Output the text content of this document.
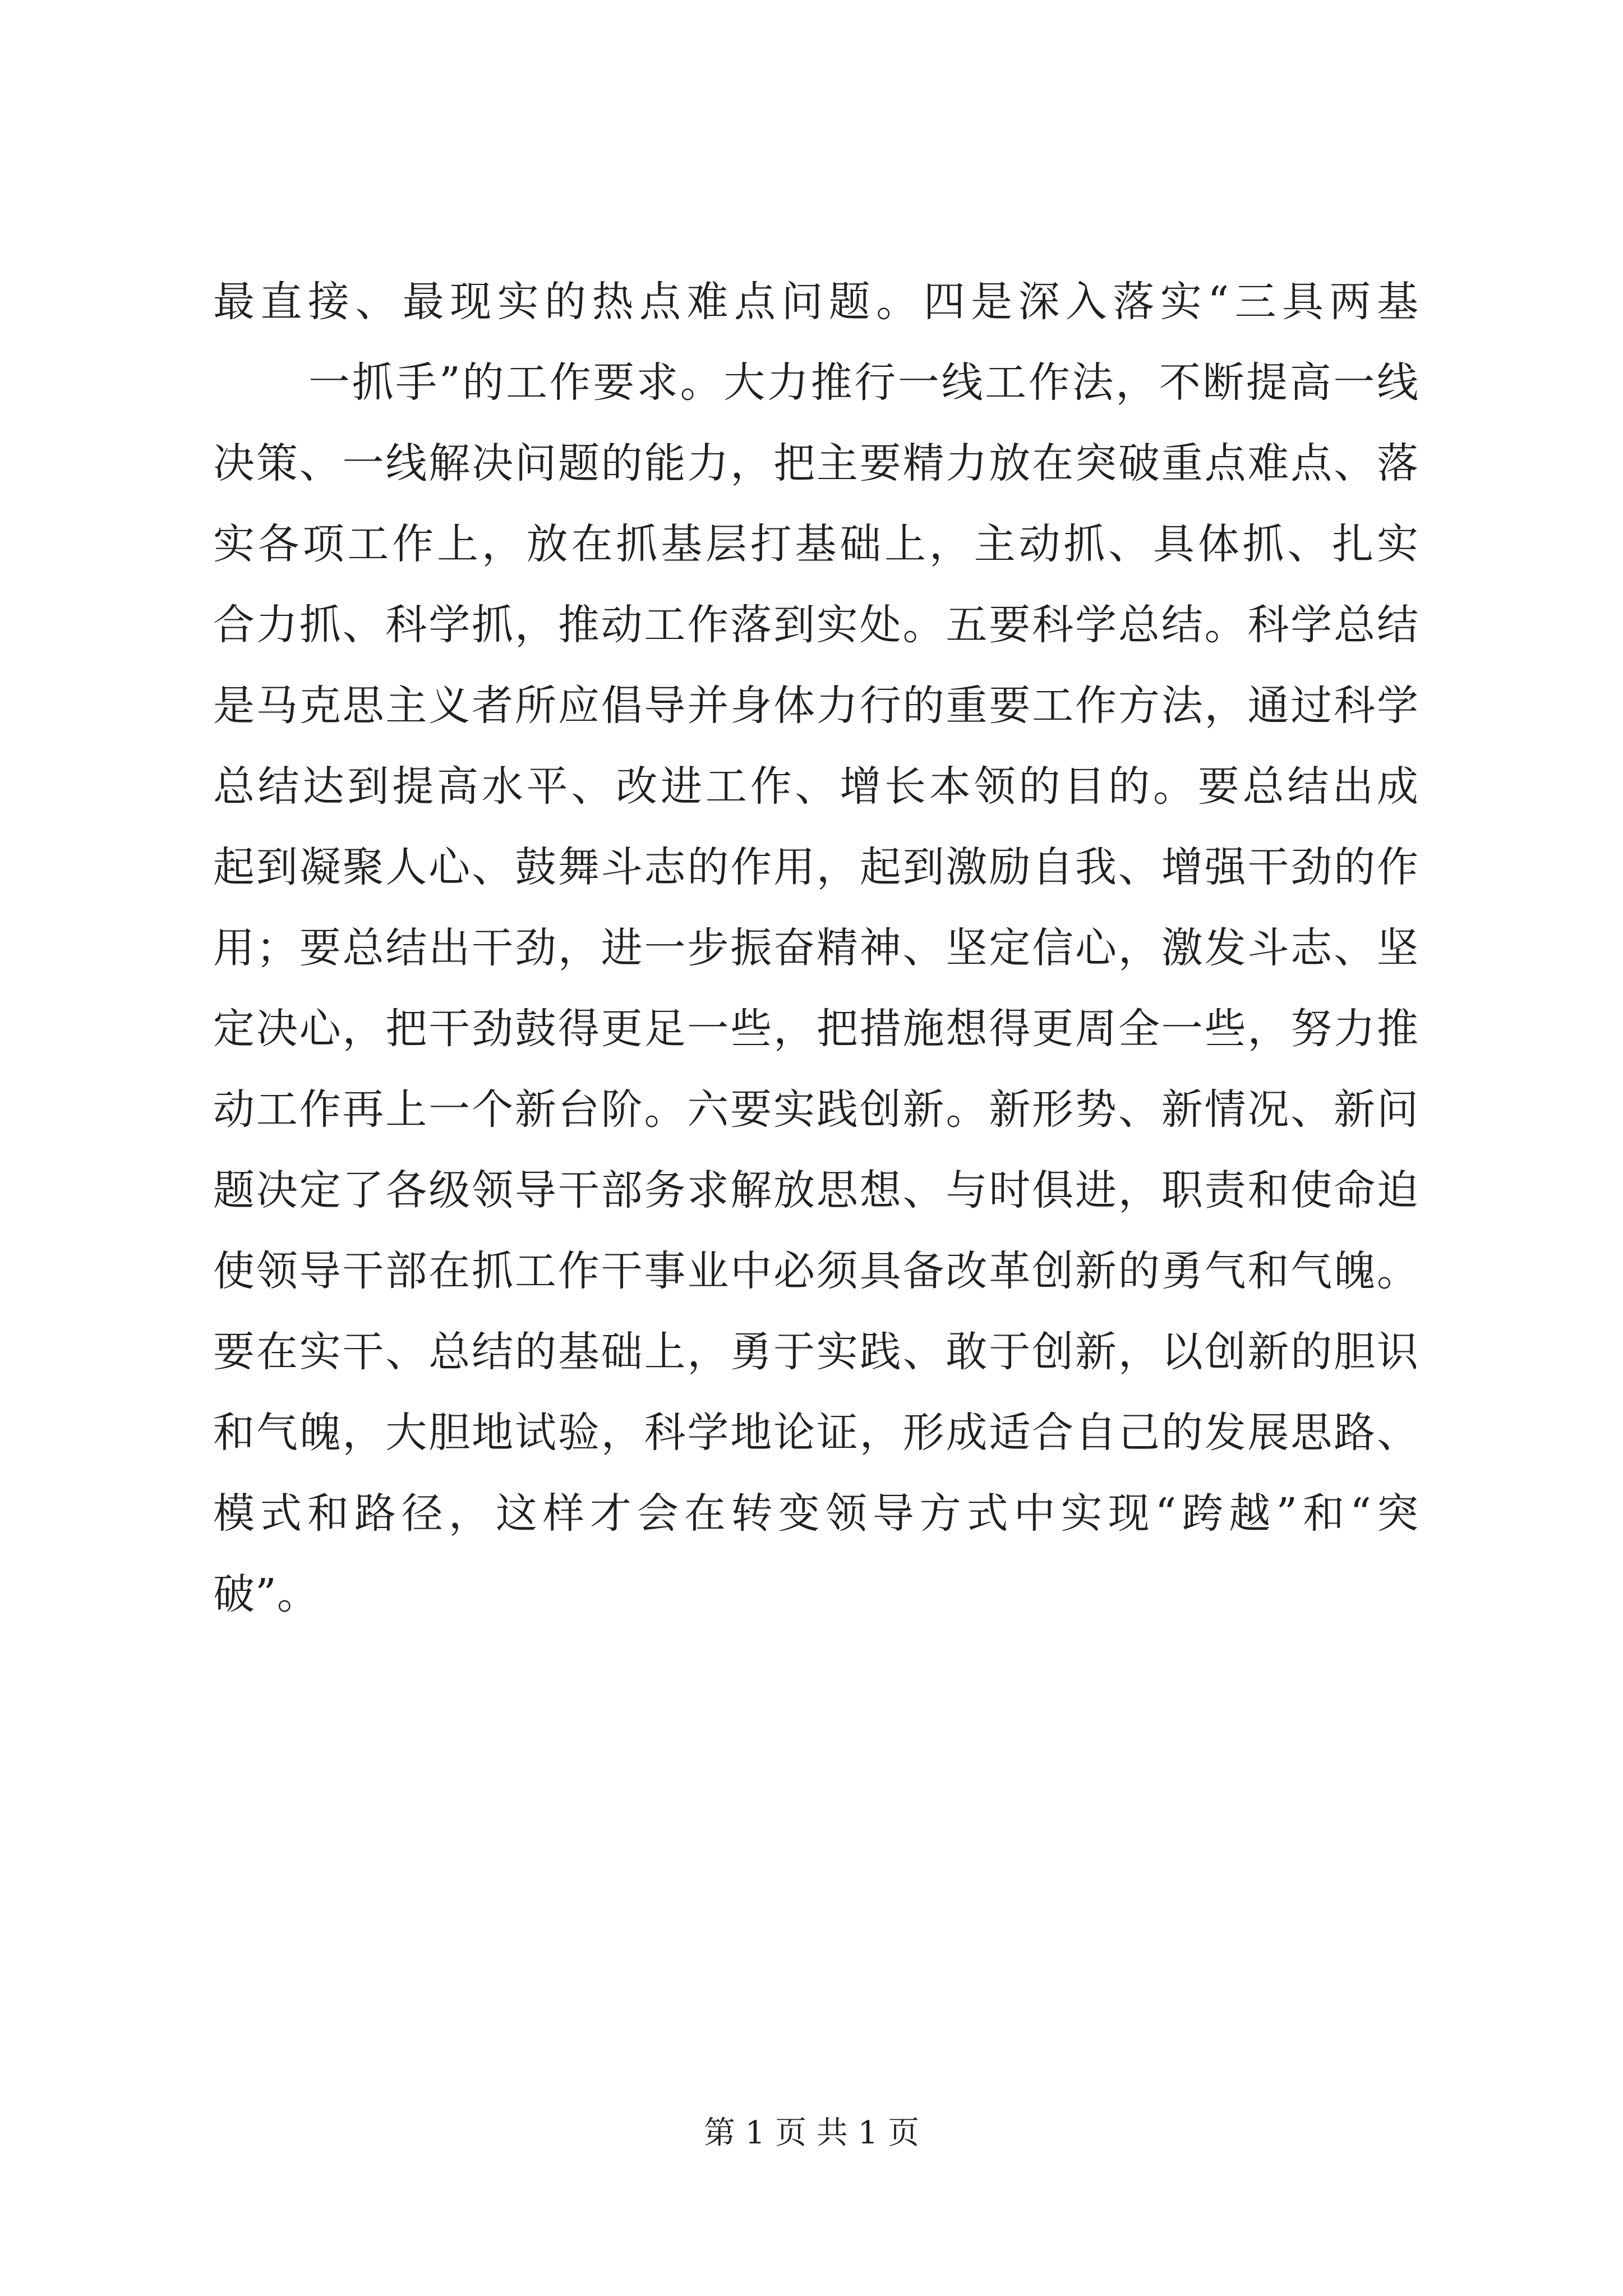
最直接、最现实的热点难点问题。四是深入落实“三具两基
一抓手”的工作要求。大力推行一线工作法，不断提高一线
决策、一线解决问题的能力，把主要精力放在突破重点难点、落
实各项工作上，放在抓基层打基础上，主动抓、具体抓、扎实
合力抓、科学抓，推动工作落到实处。五要科学总结。科学总结
是马克思主义者所应倡导并身体力行的重要工作方法，通过科学
总结达到提高水平、改进工作、增长本领的目的。要总结出成
起到凝聚人心、鼓舞斗志的作用，起到激励自我、增强干劲的作
用；要总结出干劲，进一步振奋精神、坚定信心，激发斗志、坚
定决心，把干劲鼓得更足一些，把措施想得更周全一些，努力推
动工作再上一个新台阶。六要实践创新。新形势、新情况、新问
题决定了各级领导干部务求解放思想、与时俱进，职责和使命迫
使领导干部在抓工作干事业中必须具备改革创新的勇气和气魄。
要在实干、总结的基础上，勇于实践、敢于创新，以创新的胆识
和气魄，大胆地试验，科学地论证，形成适合自己的发展思路、
模式和路径，这样才会在转变领导方式中实现“跨越”和“突
破”。
第 1 页 共 1 页
